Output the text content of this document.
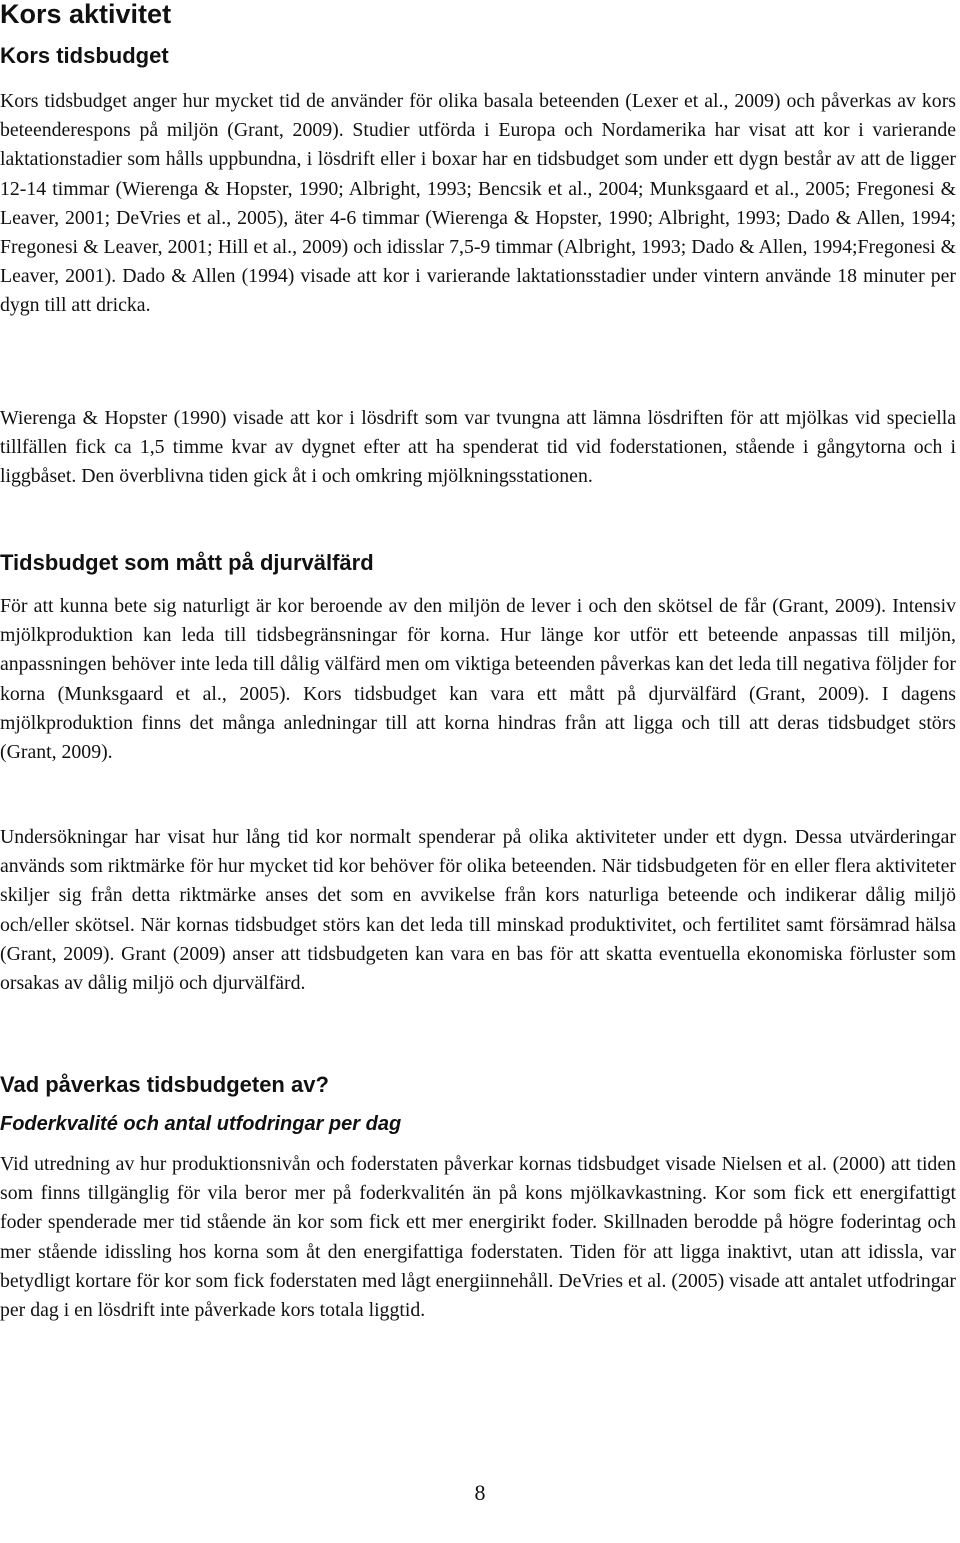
Kors aktivitet
Kors tidsbudget

Kors tidsbudget anger hur mycket tid de använder för olika basala beteenden (Lexer et al., 2009) och påverkas av kors beteenderespons på miljön (Grant, 2009). Studier utförda i Europa och Nordamerika har visat att kor i varierande laktationstadier som hålls uppbundna, i lösdrift eller i boxar har en tidsbudget som under ett dygn består av att de ligger 12-14 timmar (Wierenga & Hopster, 1990; Albright, 1993; Bencsik et al., 2004; Munksgaard et al., 2005; Fregonesi & Leaver, 2001; DeVries et al., 2005), äter 4-6 timmar (Wierenga & Hopster, 1990; Albright, 1993; Dado & Allen, 1994; Fregonesi & Leaver, 2001; Hill et al., 2009) och idisslar 7,5-9 timmar (Albright, 1993; Dado & Allen, 1994;Fregonesi & Leaver, 2001). Dado & Allen (1994) visade att kor i varierande laktationsstadier under vintern använde 18 minuter per dygn till att dricka.

Wierenga & Hopster (1990) visade att kor i lösdrift som var tvungna att lämna lösdriften för att mjölkas vid speciella tillfällen fick ca 1,5 timme kvar av dygnet efter att ha spenderat tid vid foderstationen, stående i gångytorna och i liggbåset. Den överblivna tiden gick åt i och omkring mjölkningsstationen.

Tidsbudget som mått på djurvälfärd

För att kunna bete sig naturligt är kor beroende av den miljön de lever i och den skötsel de får (Grant, 2009). Intensiv mjölkproduktion kan leda till tidsbegränsningar för korna. Hur länge kor utför ett beteende anpassas till miljön, anpassningen behöver inte leda till dålig välfärd men om viktiga beteenden påverkas kan det leda till negativa följder for korna (Munksgaard et al., 2005). Kors tidsbudget kan vara ett mått på djurvälfärd (Grant, 2009). I dagens mjölkproduktion finns det många anledningar till att korna hindras från att ligga och till att deras tidsbudget störs (Grant, 2009).

Undersökningar har visat hur lång tid kor normalt spenderar på olika aktiviteter under ett dygn. Dessa utvärderingar används som riktmärke för hur mycket tid kor behöver för olika beteenden. När tidsbudgeten för en eller flera aktiviteter skiljer sig från detta riktmärke anses det som en avvikelse från kors naturliga beteende och indikerar dålig miljö och/eller skötsel. När kornas tidsbudget störs kan det leda till minskad produktivitet, och fertilitet samt försämrad hälsa (Grant, 2009). Grant (2009) anser att tidsbudgeten kan vara en bas för att skatta eventuella ekonomiska förluster som orsakas av dålig miljö och djurvälfärd.

Vad påverkas tidsbudgeten av?
Foderkvalité och antal utfodringar per dag

Vid utredning av hur produktionsnivån och foderstaten påverkar kornas tidsbudget visade Nielsen et al. (2000) att tiden som finns tillgänglig för vila beror mer på foderkvalitén än på kons mjölkavkastning. Kor som fick ett energifattigt foder spenderade mer tid stående än kor som fick ett mer energirikt foder. Skillnaden berodde på högre foderintag och mer stående idissling hos korna som åt den energifattiga foderstaten. Tiden för att ligga inaktivt, utan att idissla, var betydligt kortare för kor som fick foderstaten med lågt energiinnehåll. DeVries et al. (2005) visade att antalet utfodringar per dag i en lösdrift inte påverkade kors totala liggtid.

8
